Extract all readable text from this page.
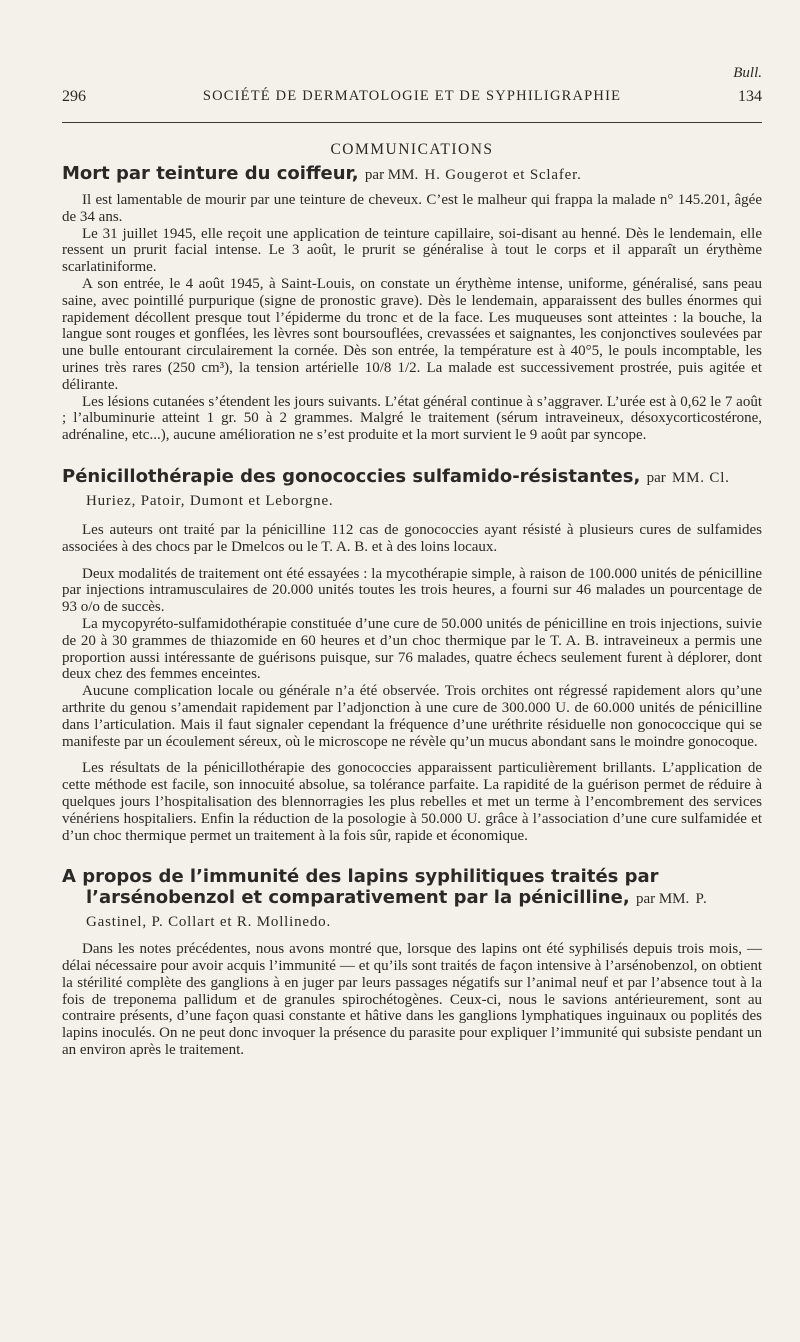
Bull.
296	SOCIÉTÉ DE DERMATOLOGIE ET DE SYPHILIGRAPHIE	134
COMMUNICATIONS
Mort par teinture du coiffeur, par MM. H. Gougerot et Sclafer.

Il est lamentable de mourir par une teinture de cheveux. C’est le malheur qui frappa la malade n° 145.201, âgée de 34 ans.

Le 31 juillet 1945, elle reçoit une application de teinture capillaire, soi-disant au henné. Dès le lendemain, elle ressent un prurit facial intense. Le 3 août, le prurit se généralise à tout le corps et il apparaît un érythème scarlatiniforme.

A son entrée, le 4 août 1945, à Saint-Louis, on constate un érythème intense, uniforme, généralisé, sans peau saine, avec pointillé purpurique (signe de pronostic grave). Dès le lendemain, apparaissent des bulles énormes qui rapidement décollent presque tout l’épiderme du tronc et de la face. Les muqueuses sont atteintes : la bouche, la langue sont rouges et gonflées, les lèvres sont boursouflées, crevassées et saignantes, les conjonctives soulevées par une bulle entourant circulairement la cornée. Dès son entrée, la température est à 40°5, le pouls incomptable, les urines très rares (250 cm³), la tension artérielle 10/8 1/2. La malade est successivement prostrée, puis agitée et délirante.

Les lésions cutanées s’étendent les jours suivants. L’état général continue à s’aggraver. L’urée est à 0,62 le 7 août ; l’albuminurie atteint 1 gr. 50 à 2 grammes. Malgré le traitement (sérum intraveineux, désoxycorticostérone, adrénaline, etc...), aucune amélioration ne s’est produite et la mort survient le 9 août par syncope.

Pénicillothérapie des gonococcies sulfamido-résistantes, par MM. Cl. Huriez, Patoir, Dumont et Leborgne.

Les auteurs ont traité par la pénicilline 112 cas de gonococcies ayant résisté à plusieurs cures de sulfamides associées à des chocs par le Dmelcos ou le T. A. B. et à des loins locaux.

Deux modalités de traitement ont été essayées : la mycothérapie simple, à raison de 100.000 unités de pénicilline par injections intramusculaires de 20.000 unités toutes les trois heures, a fourni sur 46 malades un pourcentage de 93 o/o de succès.

La mycopyréto-sulfamidothérapie constituée d’une cure de 50.000 unités de pénicilline en trois injections, suivie de 20 à 30 grammes de thiazomide en 60 heures et d’un choc thermique par le T. A. B. intraveineux a permis une proportion aussi intéressante de guérisons puisque, sur 76 malades, quatre échecs seulement furent à déplorer, dont deux chez des femmes enceintes.

Aucune complication locale ou générale n’a été observée. Trois orchites ont régressé rapidement alors qu’une arthrite du genou s’amendait rapidement par l’adjonction à une cure de 300.000 U. de 60.000 unités de pénicilline dans l’articulation. Mais il faut signaler cependant la fréquence d’une uréthrite résiduelle non gonococcique qui se manifeste par un écoulement séreux, où le microscope ne révèle qu’un mucus abondant sans le moindre gonocoque.

Les résultats de la pénicillothérapie des gonococcies apparaissent particulièrement brillants. L’application de cette méthode est facile, son innocuité absolue, sa tolérance parfaite. La rapidité de la guérison permet de réduire à quelques jours l’hospitalisation des blennorragies les plus rebelles et met un terme à l’encombrement des services vénériens hospitaliers. Enfin la réduction de la posologie à 50.000 U. grâce à l’association d’une cure sulfamidée et d’un choc thermique permet un traitement à la fois sûr, rapide et économique.

A propos de l’immunité des lapins syphilitiques traités par l’arsénobenzol et comparativement par la pénicilline, par MM. P. Gastinel, P. Collart et R. Mollinedo.

Dans les notes précédentes, nous avons montré que, lorsque des lapins ont été syphilisés depuis trois mois, — délai nécessaire pour avoir acquis l’immunité — et qu’ils sont traités de façon intensive à l’arsénobenzol, on obtient la stérilité complète des ganglions à en juger par leurs passages négatifs sur l’animal neuf et par l’absence tout à la fois de treponema pallidum et de granules spirochétogènes. Ceux-ci, nous le savions antérieurement, sont au contraire présents, d’une façon quasi constante et hâtive dans les ganglions lymphatiques inguinaux ou poplités des lapins inoculés. On ne peut donc invoquer la présence du parasite pour expliquer l’immunité qui subsiste pendant un an environ après le traitement.
